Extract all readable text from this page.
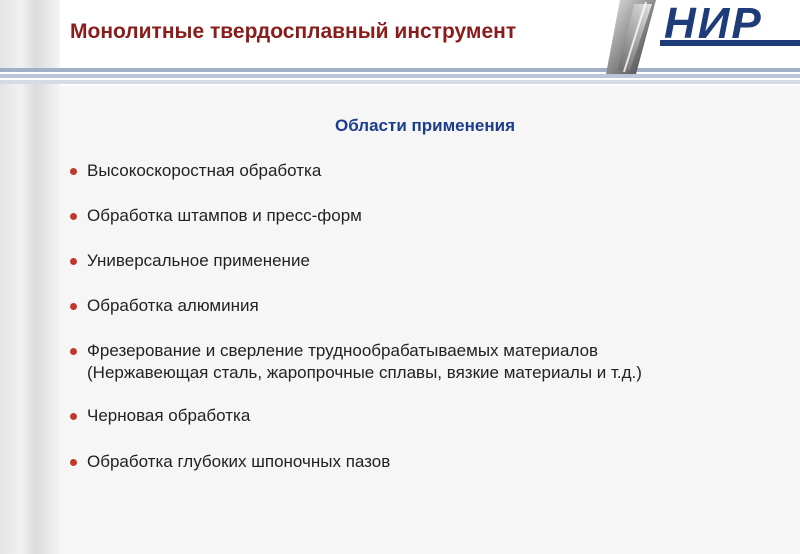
Монолитные твердосплавный инструмент	НИР
Области применения
Высокоскоростная обработка
Обработка штампов и пресс-форм
Универсальное применение
Обработка алюминия
Фрезерование и сверление труднообрабатываемых материалов
(Нержавеющая сталь, жаропрочные сплавы, вязкие материалы и т.д.)
Черновая обработка
Обработка глубоких шпоночных пазов
